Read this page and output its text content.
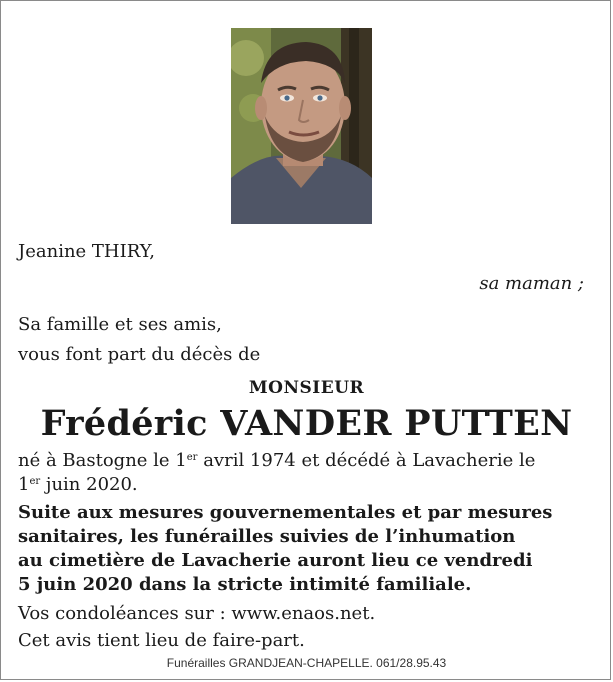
Jeanine THIRY,
sa maman ;
Sa famille et ses amis,
vous font part du décès de
MONSIEUR
Frédéric VANDER PUTTEN
né à Bastogne le 1er avril 1974 et décédé à Lavacherie le
1er juin 2020.
Suite aux mesures gouvernementales et par mesures
sanitaires, les funérailles suivies de l’inhumation
au cimetière de Lavacherie auront lieu ce vendredi
5 juin 2020 dans la stricte intimité familiale.
Vos condoléances sur : www.enaos.net.
Cet avis tient lieu de faire-part.
Funérailles GRANDJEAN-CHAPELLE. 061/28.95.43
